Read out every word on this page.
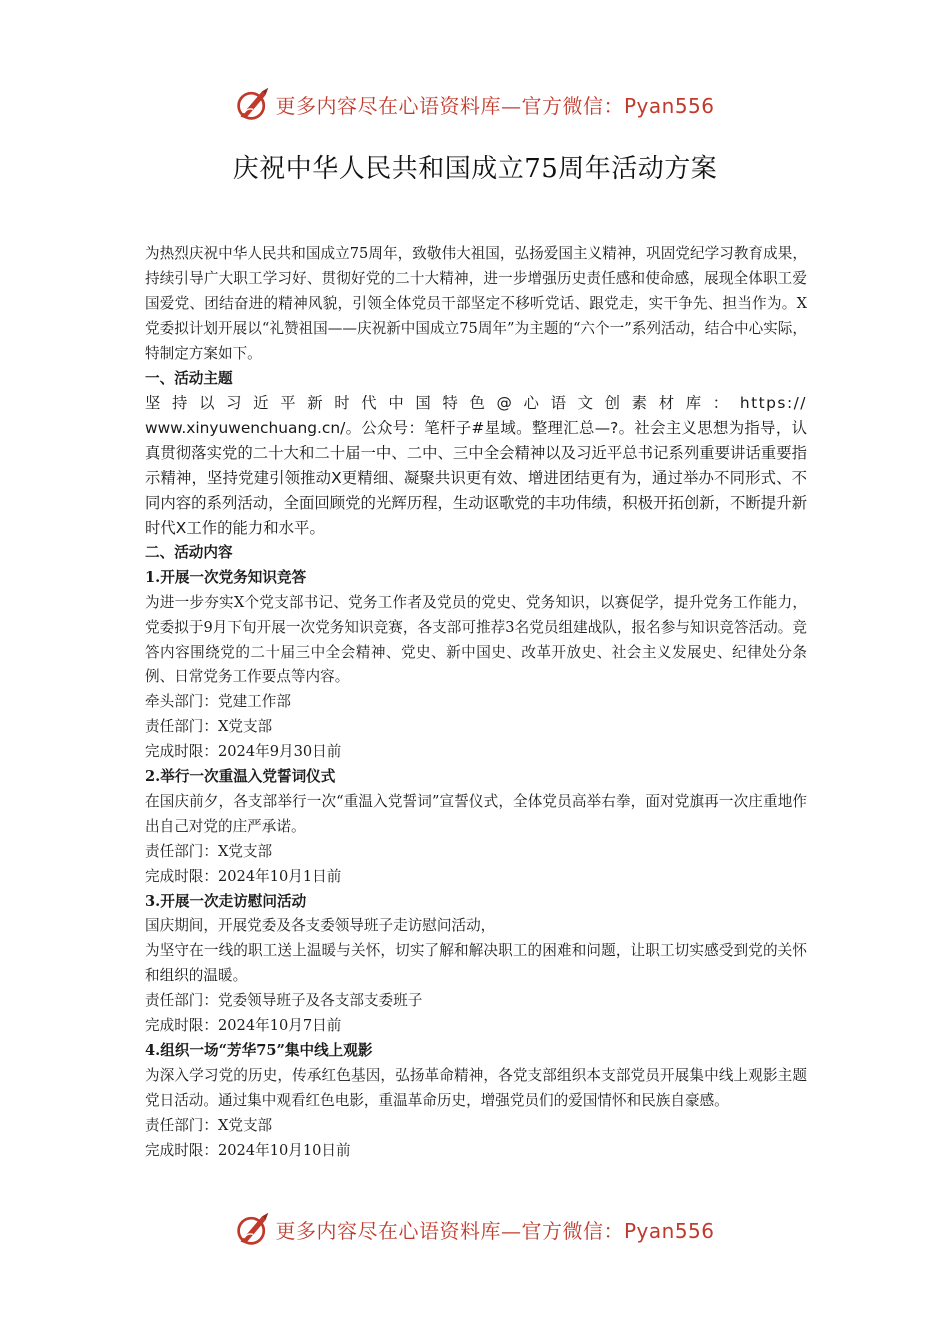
更多内容尽在心语资料库—官方微信：Pyan556
庆祝中华人民共和国成立75周年活动方案

为热烈庆祝中华人民共和国成立75周年，致敬伟大祖国，弘扬爱国主义精神，巩固党纪学习教育成果，持续引导广大职工学习好、贯彻好党的二十大精神，进一步增强历史责任感和使命感，展现全体职工爱国爱党、团结奋进的精神风貌，引领全体党员干部坚定不移听党话、跟党走，实干争先、担当作为。X党委拟计划开展以“礼赞祖国——庆祝新中国成立75周年”为主题的“六个一”系列活动，结合中心实际，特制定方案如下。

一、活动主题

坚持以习近平新时代中国特色@心语文创素材库：https://

www.xinyuwenchuang.cn/。公众号：笔杆子#星域。整理汇总—?。社会主义思想为指导，认真贯彻落实党的二十大和二十届一中、二中、三中全会精神以及习近平总书记系列重要讲话重要指示精神，坚持党建引领推动X更精细、凝聚共识更有效、增进团结更有为，通过举办不同形式、不同内容的系列活动，全面回顾党的光辉历程，生动讴歌党的丰功伟绩，积极开拓创新，不断提升新时代X工作的能力和水平。

二、活动内容

1.开展一次党务知识竞答

为进一步夯实X个党支部书记、党务工作者及党员的党史、党务知识，以赛促学，提升党务工作能力，党委拟于9月下旬开展一次党务知识竞赛，各支部可推荐3名党员组建战队，报名参与知识竞答活动。竞答内容围绕党的二十届三中全会精神、党史、新中国史、改革开放史、社会主义发展史、纪律处分条例、日常党务工作要点等内容。

牵头部门：党建工作部

责任部门：X党支部

完成时限：2024年9月30日前

2.举行一次重温入党誓词仪式

在国庆前夕，各支部举行一次“重温入党誓词”宣誓仪式，全体党员高举右拳，面对党旗再一次庄重地作出自己对党的庄严承诺。

责任部门：X党支部

完成时限：2024年10月1日前

3.开展一次走访慰问活动

国庆期间，开展党委及各支委领导班子走访慰问活动，

为坚守在一线的职工送上温暖与关怀，切实了解和解决职工的困难和问题，让职工切实感受到党的关怀和组织的温暖。

责任部门：党委领导班子及各支部支委班子

完成时限：2024年10月7日前

4.组织一场“芳华75”集中线上观影

为深入学习党的历史，传承红色基因，弘扬革命精神，各党支部组织本支部党员开展集中线上观影主题党日活动。通过集中观看红色电影，重温革命历史，增强党员们的爱国情怀和民族自豪感。

责任部门：X党支部

完成时限：2024年10月10日前

更多内容尽在心语资料库—官方微信：Pyan556
